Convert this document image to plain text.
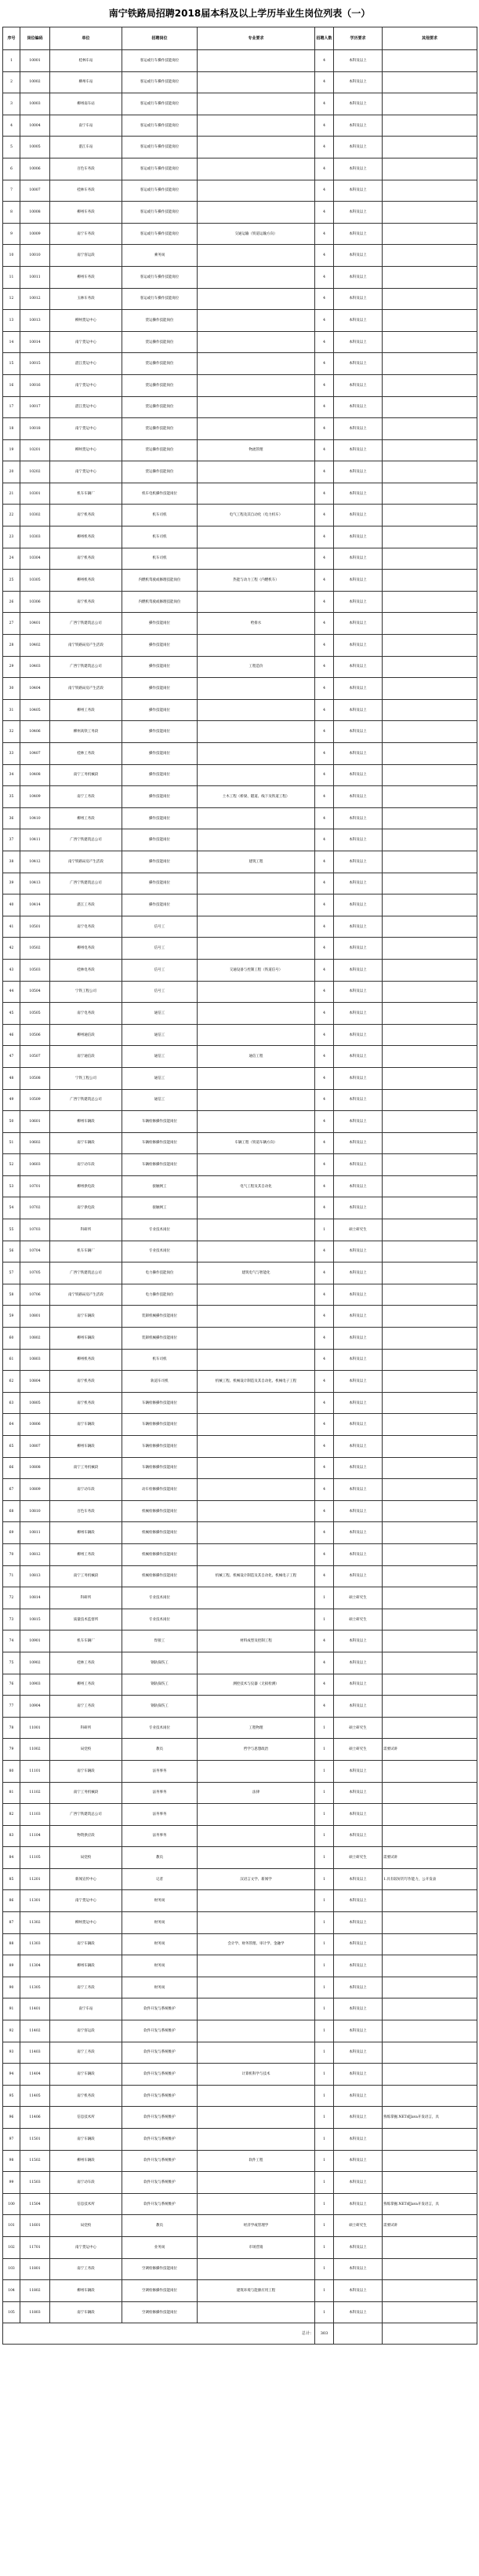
南宁铁路局招聘2018届本科及以上学历毕业生岗位列表（一）
序号	岗位编码	单位	招聘岗位	专业要求	招聘人数	学历要求	其他要求
1	10001	桂林车站	客运或行车操作技能岗位		4	本科及以上	
2	10002	柳州车站	客运或行车操作技能岗位		4	本科及以上	
3	10003	柳州南车站	客运或行车操作技能岗位		4	本科及以上	
4	10004	南宁车站	客运或行车操作技能岗位		4	本科及以上	
5	10005	湛江车站	客运或行车操作技能岗位		4	本科及以上	
6	10006	百色车务段	客运或行车操作技能岗位		4	本科及以上	
7	10007	桂林车务段	客运或行车操作技能岗位		4	本科及以上	
8	10008	柳州车务段	客运或行车操作技能岗位		4	本科及以上	
9	10009	南宁车务段	客运或行车操作技能岗位	交通运输（铁道运输方向）	4	本科及以上	
10	10010	南宁客运段	乘务岗		4	本科及以上	
11	10011	柳州车务段	客运或行车操作技能岗位		4	本科及以上	
12	10012	玉林车务段	客运或行车操作技能岗位		4	本科及以上	
13	10013	柳州货运中心	货运操作技能岗位		4	本科及以上	
14	10014	南宁货运中心	货运操作技能岗位		4	本科及以上	
15	10015	湛江货运中心	货运操作技能岗位		4	本科及以上	
16	10016	南宁货运中心	货运操作技能岗位		4	本科及以上	
17	10017	湛江货运中心	货运操作技能岗位		4	本科及以上	
18	10018	南宁货运中心	货运操作技能岗位		4	本科及以上	
19	10201	柳州货运中心	货运操作技能岗位	物流管理	4	本科及以上	
20	10202	南宁货运中心	货运操作技能岗位		4	本科及以上	
21	10301	机车车辆厂	机车电机操作技能岗位		4	本科及以上	
22	10302	南宁机务段	机车司机	电气工程及其自动化（电力机车）	4	本科及以上	
23	10303	柳州机务段	机车司机		4	本科及以上	
24	10304	南宁机务段	机车司机		4	本科及以上	
25	10305	柳州机务段	内燃机驾驶或修理技能岗位	热能与动力工程（内燃机车）	4	本科及以上	
26	10306	南宁机务段	内燃机驾驶或修理技能岗位		4	本科及以上	
27	10401	广西宁铁建筑总公司	操作技能岗位	给排水	4	本科及以上	
28	10402	南宁铁路局房产生活段	操作技能岗位		4	本科及以上	
29	10403	广西宁铁建筑总公司	操作技能岗位	工程造价	4	本科及以上	
30	10404	南宁铁路局房产生活段	操作技能岗位		4	本科及以上	
31	10405	柳州工务段	操作技能岗位		4	本科及以上	
32	10406	柳州高铁工务段	操作技能岗位		4	本科及以上	
33	10407	桂林工务段	操作技能岗位		4	本科及以上	
34	10408	南宁工务机械段	操作技能岗位		4	本科及以上	
35	10409	南宁工务段	操作技能岗位	土木工程（桥梁、隧道、线下及铁道工程）	4	本科及以上	
36	10410	柳州工务段	操作技能岗位		4	本科及以上	
37	10411	广西宁铁建筑总公司	操作技能岗位		4	本科及以上	
38	10412	南宁铁路局房产生活段	操作技能岗位	建筑工程	4	本科及以上	
39	10413	广西宁铁建筑总公司	操作技能岗位		4	本科及以上	
40	10414	湛江工务段	操作技能岗位		4	本科及以上	
41	10501	南宁电务段	信号工		4	本科及以上	
42	10502	柳州电务段	信号工		4	本科及以上	
43	10503	桂林电务段	信号工	交通设备与控制工程（铁道信号）	4	本科及以上	
44	10504	宁铁工程公司	信号工		4	本科及以上	
45	10505	南宁电务段	通信工		4	本科及以上	
46	10506	柳州通信段	通信工		4	本科及以上	
47	10507	南宁通信段	通信工	通信工程	4	本科及以上	
48	10508	宁铁工程公司	通信工		4	本科及以上	
49	10509	广西宁铁建筑总公司	通信工		4	本科及以上	
50	10601	柳州车辆段	车辆检修操作技能岗位		4	本科及以上	
51	10602	南宁车辆段	车辆检修操作技能岗位	车辆工程（铁道车辆方向）	4	本科及以上	
52	10603	南宁动车段	车辆检修操作技能岗位		4	本科及以上	
53	10701	柳州供电段	接触网工	电气工程及其自动化	4	本科及以上	
54	10702	南宁供电段	接触网工		4	本科及以上	
55	10703	科研所	专业技术岗位		1	硕士研究生	
56	10704	机车车辆厂	专业技术岗位		4	本科及以上	
57	10705	广西宁铁建筑总公司	电力操作技能岗位	建筑电气与智能化	4	本科及以上	
58	10706	南宁铁路局房产生活段	电力操作技能岗位		4	本科及以上	
59	10801	南宁车辆段	装卸机械操作技能岗位		4	本科及以上	
60	10802	柳州车辆段	装卸机械操作技能岗位		4	本科及以上	
61	10803	柳州机务段	机车司机		4	本科及以上	
62	10804	南宁机务段	轨道车司机	机械工程、机械设计制造及其自动化、机械电子工程	4	本科及以上	
63	10805	南宁机务段	车辆检修操作技能岗位		4	本科及以上	
64	10806	南宁车辆段	车辆检修操作技能岗位		4	本科及以上	
65	10807	柳州车辆段	车辆检修操作技能岗位		4	本科及以上	
66	10808	南宁工务机械段	车辆检修操作技能岗位		4	本科及以上	
67	10809	南宁动车段	动车检修操作技能岗位		4	本科及以上	
68	10810	百色车务段	机械检修操作技能岗位		4	本科及以上	
69	10811	柳州车辆段	机械检修操作技能岗位		4	本科及以上	
70	10812	柳州工务段	机械检修操作技能岗位		4	本科及以上	
71	10813	南宁工务机械段	机械检修操作技能岗位	机械工程、机械设计制造及其自动化、机械电子工程	4	本科及以上	
72	10814	科研所	专业技术岗位		1	硕士研究生	
73	10815	质量技术监督所	专业技术岗位		1	硕士研究生	
74	10901	机车车辆厂	焊接工	材料成型及控制工程	4	本科及以上	
75	10902	桂林工务段	钢轨探伤工		4	本科及以上	
76	10903	柳州工务段	钢轨探伤工	测控技术与仪器（无损检测）	4	本科及以上	
77	10904	南宁工务段	钢轨探伤工		4	本科及以上	
78	11001	科研所	专业技术岗位	工程物理	1	硕士研究生	
79	11002	局党校	教员	哲学与思想政治	1	硕士研究生	需要试讲
80	11101	南宁车辆段	法务事务		1	本科及以上	
81	11102	南宁工务机械段	法务事务	法律	1	本科及以上	
82	11103	广西宁铁建筑总公司	法务事务		1	本科及以上	
83	11104	物资供应段	法务事务		1	本科及以上	
84	11105	局党校	教员		1	硕士研究生	需要试讲
85	11201	新闻宣传中心	记者	汉语言文学、新闻学	1	本科及以上	1.具有较好的写作能力，公开发表
86	11301	南宁货运中心	财务岗		1	本科及以上	
87	11302	柳州货运中心	财务岗		1	本科及以上	
88	11303	南宁车辆段	财务岗	会计学、财务管理、审计学、金融学	1	本科及以上	
89	11304	柳州车辆段	财务岗		1	本科及以上	
90	11305	南宁工务段	财务岗		1	本科及以上	
91	11401	南宁车站	软件开发与系统维护		1	本科及以上	
92	11402	南宁客运段	软件开发与系统维护		1	本科及以上	
93	11403	南宁工务段	软件开发与系统维护		1	本科及以上	
94	11404	南宁车辆段	软件开发与系统维护	计算机科学与技术	1	本科及以上	
95	11405	南宁机务段	软件开发与系统维护		1	本科及以上	
96	11406	信息技术所	软件开发与系统维护		1	本科及以上	熟练掌握.NET或Java开发语言，具
97	11501	南宁车辆段	软件开发与系统维护		1	本科及以上	
98	11502	柳州车辆段	软件开发与系统维护	软件工程	1	本科及以上	
99	11503	南宁动车段	软件开发与系统维护		1	本科及以上	
100	11504	信息技术所	软件开发与系统维护		1	本科及以上	熟练掌握.NET或Java开发语言，具
101	11601	局党校	教员	经济学或管理学	1	硕士研究生	需要试讲
102	11701	南宁货运中心	业务岗	市场营销	1	本科及以上	
103	11801	南宁工务段	空调检修操作技能岗位		1	本科及以上	
104	11802	柳州车辆段	空调检修操作技能岗位	建筑环境与能源应用工程	1	本科及以上	
105	11803	南宁车辆段	空调检修操作技能岗位		1	本科及以上	
总计：					303		
